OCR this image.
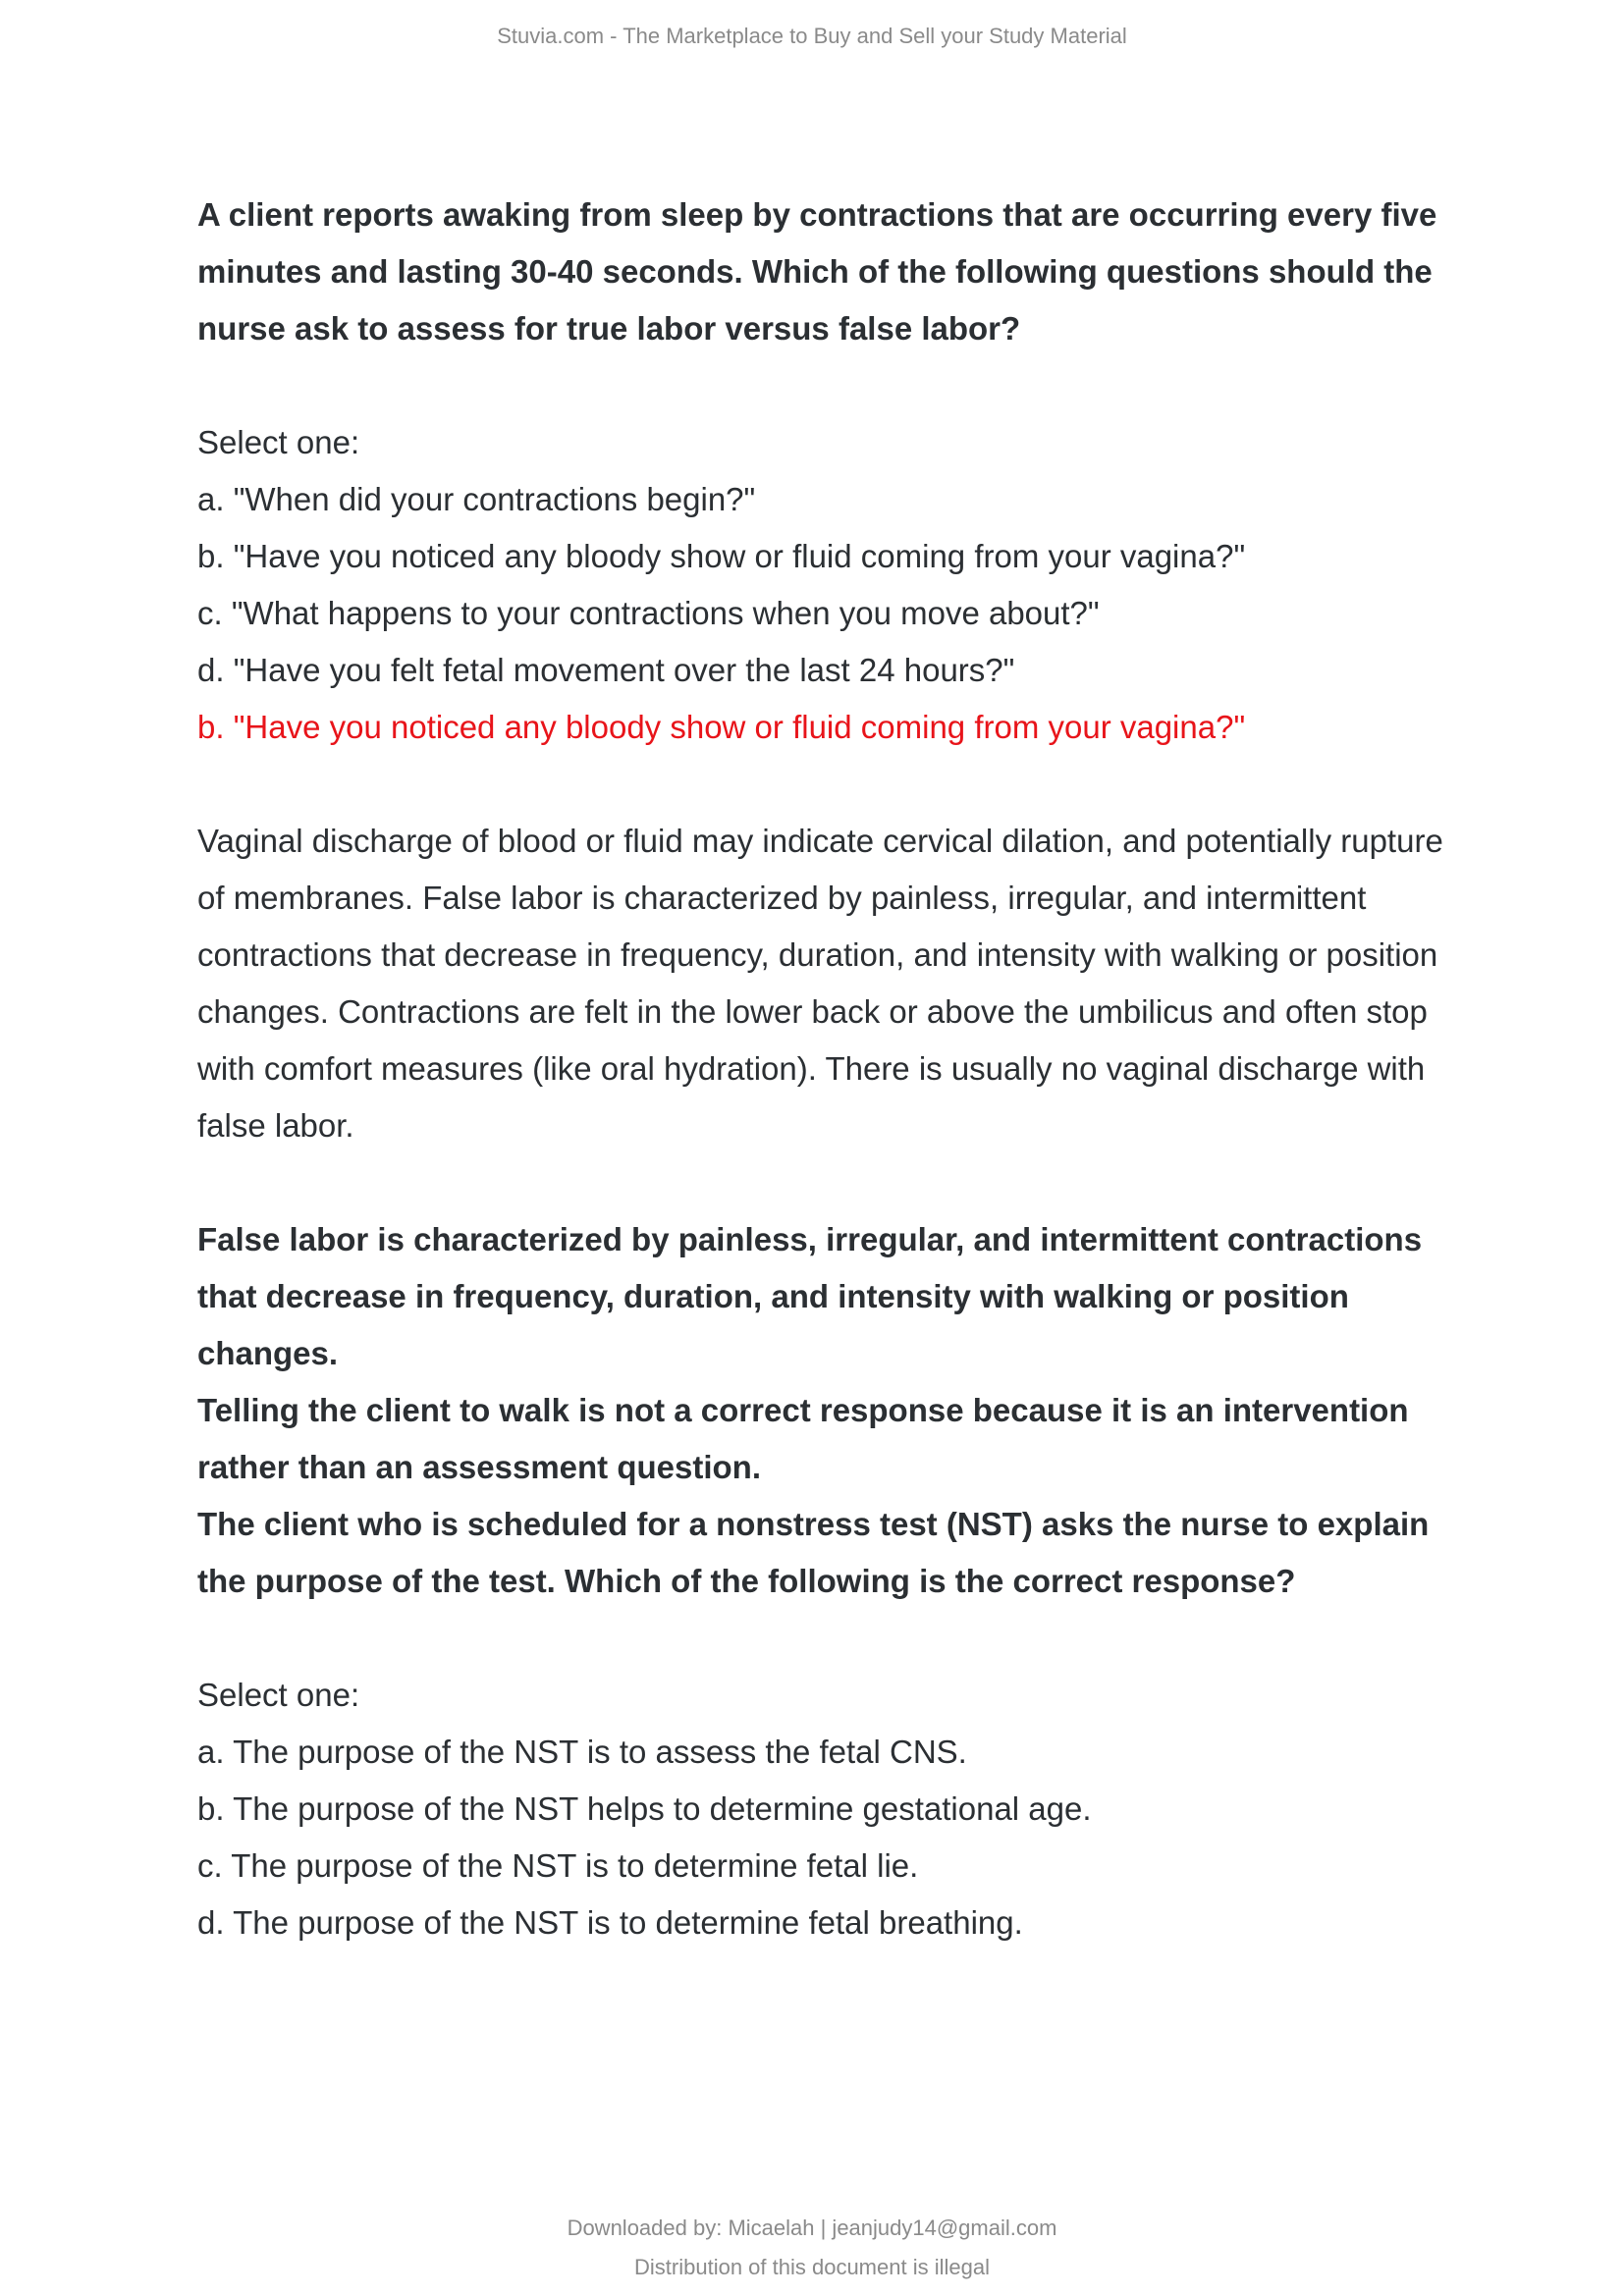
Stuvia.com - The Marketplace to Buy and Sell your Study Material

A client reports awaking from sleep by contractions that are occurring every five minutes and lasting 30-40 seconds. Which of the following questions should the nurse ask to assess for true labor versus false labor?

Select one:

a. "When did your contractions begin?"

b. "Have you noticed any bloody show or fluid coming from your vagina?"

c. "What happens to your contractions when you move about?"

d. "Have you felt fetal movement over the last 24 hours?"

b. "Have you noticed any bloody show or fluid coming from your vagina?"

Vaginal discharge of blood or fluid may indicate cervical dilation, and potentially rupture of membranes. False labor is characterized by painless, irregular, and intermittent contractions that decrease in frequency, duration, and intensity with walking or position changes. Contractions are felt in the lower back or above the umbilicus and often stop with comfort measures (like oral hydration). There is usually no vaginal discharge with false labor.

False labor is characterized by painless, irregular, and intermittent contractions that decrease in frequency, duration, and intensity with walking or position changes.

Telling the client to walk is not a correct response because it is an intervention rather than an assessment question.

The client who is scheduled for a nonstress test (NST) asks the nurse to explain the purpose of the test. Which of the following is the correct response?

Select one:

a. The purpose of the NST is to assess the fetal CNS.

b. The purpose of the NST helps to determine gestational age.

c. The purpose of the NST is to determine fetal lie.

d. The purpose of the NST is to determine fetal breathing.

Downloaded by: Micaelah | jeanjudy14@gmail.com
Distribution of this document is illegal
